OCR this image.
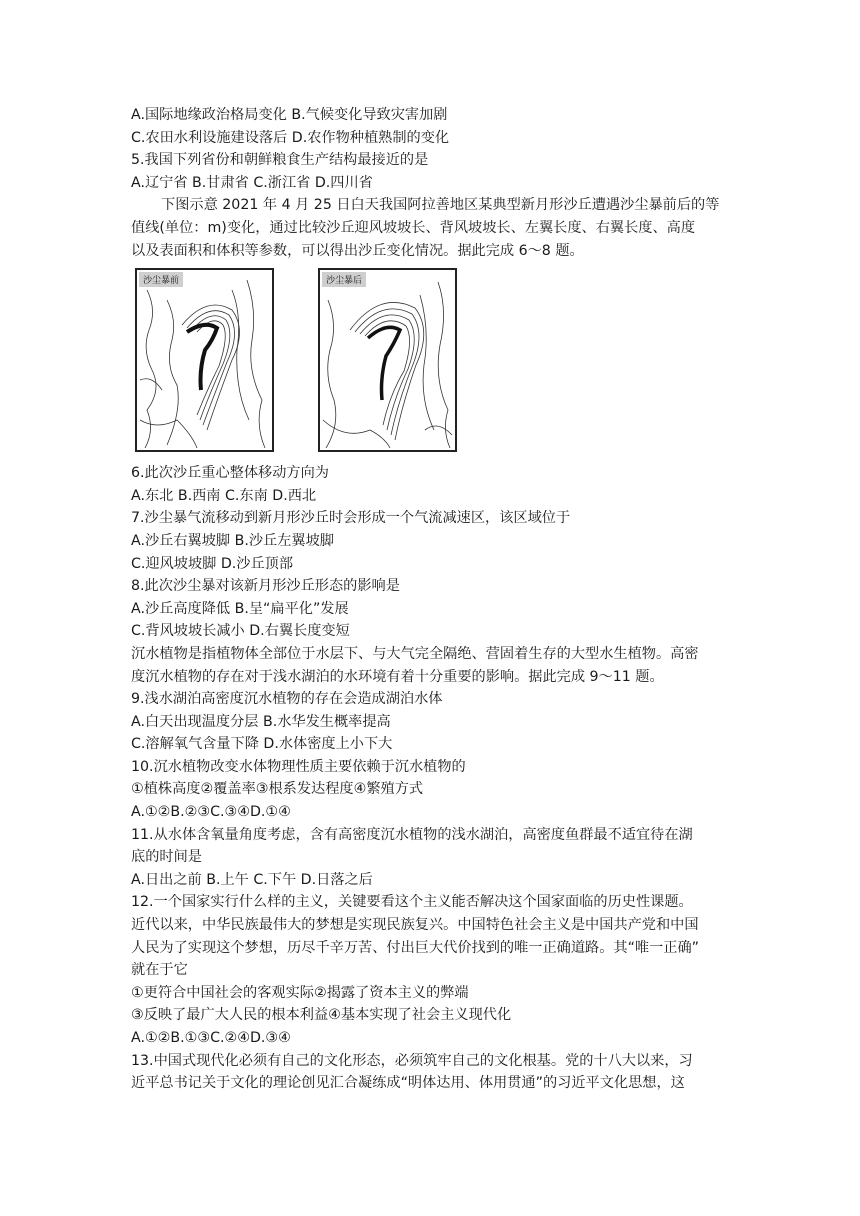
A.国际地缘政治格局变化 B.气候变化导致灾害加剧
C.农田水利设施建设落后 D.农作物种植熟制的变化
5.我国下列省份和朝鲜粮食生产结构最接近的是
A.辽宁省 B.甘肃省 C.浙江省 D.四川省
下图示意 2021 年 4 月 25 日白天我国阿拉善地区某典型新月形沙丘遭遇沙尘暴前后的等
值线(单位：m)变化，通过比较沙丘迎风坡坡长、背风坡坡长、左翼长度、右翼长度、高度
以及表面积和体积等参数，可以得出沙丘变化情况。据此完成 6～8 题。
沙尘暴前	沙尘暴后
6.此次沙丘重心整体移动方向为
A.东北 B.西南 C.东南 D.西北
7.沙尘暴气流移动到新月形沙丘时会形成一个气流减速区，该区域位于
A.沙丘右翼坡脚 B.沙丘左翼坡脚
C.迎风坡坡脚 D.沙丘顶部
8.此次沙尘暴对该新月形沙丘形态的影响是
A.沙丘高度降低 B.呈“扁平化”发展
C.背风坡坡长减小 D.右翼长度变短
沉水植物是指植物体全部位于水层下、与大气完全隔绝、营固着生存的大型水生植物。高密
度沉水植物的存在对于浅水湖泊的水环境有着十分重要的影响。据此完成 9～11 题。
9.浅水湖泊高密度沉水植物的存在会造成湖泊水体
A.白天出现温度分层 B.水华发生概率提高
C.溶解氧气含量下降 D.水体密度上小下大
10.沉水植物改变水体物理性质主要依赖于沉水植物的
①植株高度②覆盖率③根系发达程度④繁殖方式
A.①②B.②③C.③④D.①④
11.从水体含氧量角度考虑，含有高密度沉水植物的浅水湖泊，高密度鱼群最不适宜待在湖
底的时间是
A.日出之前 B.上午 C.下午 D.日落之后
12.一个国家实行什么样的主义，关键要看这个主义能否解决这个国家面临的历史性课题。
近代以来，中华民族最伟大的梦想是实现民族复兴。中国特色社会主义是中国共产党和中国
人民为了实现这个梦想，历尽千辛万苦、付出巨大代价找到的唯一正确道路。其“唯一正确”
就在于它
①更符合中国社会的客观实际②揭露了资本主义的弊端
③反映了最广大人民的根本利益④基本实现了社会主义现代化
A.①②B.①③C.②④D.③④
13.中国式现代化必须有自己的文化形态，必须筑牢自己的文化根基。党的十八大以来，习
近平总书记关于文化的理论创见汇合凝练成“明体达用、体用贯通”的习近平文化思想，这
